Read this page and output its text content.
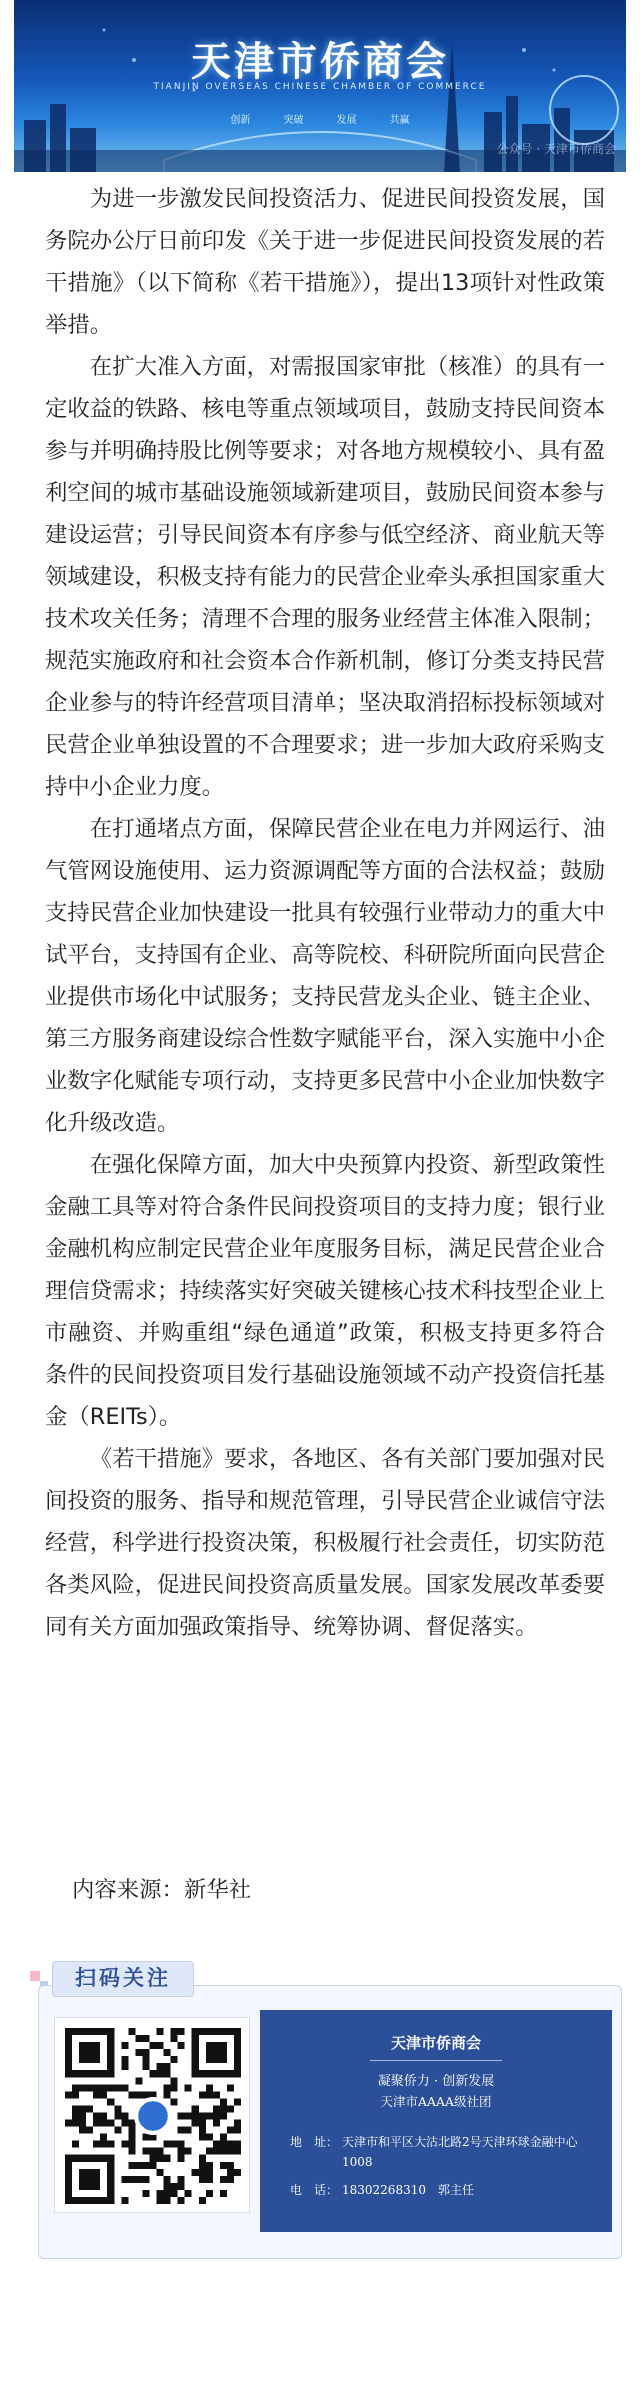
天津市侨商会
TIANJIN OVERSEAS CHINESE CHAMBER OF COMMERCE
创新	突破	发展	共赢
公众号 · 天津市侨商会

为进一步激发民间投资活力、促进民间投资发展，国务院办公厅日前印发《关于进一步促进民间投资发展的若干措施》（以下简称《若干措施》），提出13项针对性政策举措。

在扩大准入方面，对需报国家审批（核准）的具有一定收益的铁路、核电等重点领域项目，鼓励支持民间资本参与并明确持股比例等要求；对各地方规模较小、具有盈利空间的城市基础设施领域新建项目，鼓励民间资本参与建设运营；引导民间资本有序参与低空经济、商业航天等领域建设，积极支持有能力的民营企业牵头承担国家重大技术攻关任务；清理不合理的服务业经营主体准入限制；规范实施政府和社会资本合作新机制，修订分类支持民营企业参与的特许经营项目清单；坚决取消招标投标领域对民营企业单独设置的不合理要求；进一步加大政府采购支持中小企业力度。

在打通堵点方面，保障民营企业在电力并网运行、油气管网设施使用、运力资源调配等方面的合法权益；鼓励支持民营企业加快建设一批具有较强行业带动力的重大中试平台，支持国有企业、高等院校、科研院所面向民营企业提供市场化中试服务；支持民营龙头企业、链主企业、第三方服务商建设综合性数字赋能平台，深入实施中小企业数字化赋能专项行动，支持更多民营中小企业加快数字化升级改造。

在强化保障方面，加大中央预算内投资、新型政策性金融工具等对符合条件民间投资项目的支持力度；银行业金融机构应制定民营企业年度服务目标，满足民营企业合理信贷需求；持续落实好突破关键核心技术科技型企业上市融资、并购重组“绿色通道”政策，积极支持更多符合条件的民间投资项目发行基础设施领域不动产投资信托基金（REITs）。

《若干措施》要求，各地区、各有关部门要加强对民间投资的服务、指导和规范管理，引导民营企业诚信守法经营，科学进行投资决策，积极履行社会责任，切实防范各类风险，促进民间投资高质量发展。国家发展改革委要同有关方面加强政策指导、统筹协调、督促落实。

内容来源：新华社
扫码关注
天津市侨商会
凝聚侨力 · 创新发展
天津市AAAA级社团
地　址： 天津市和平区大沽北路2号天津环球金融中心1008
电　话： 18302268310 郭主任
